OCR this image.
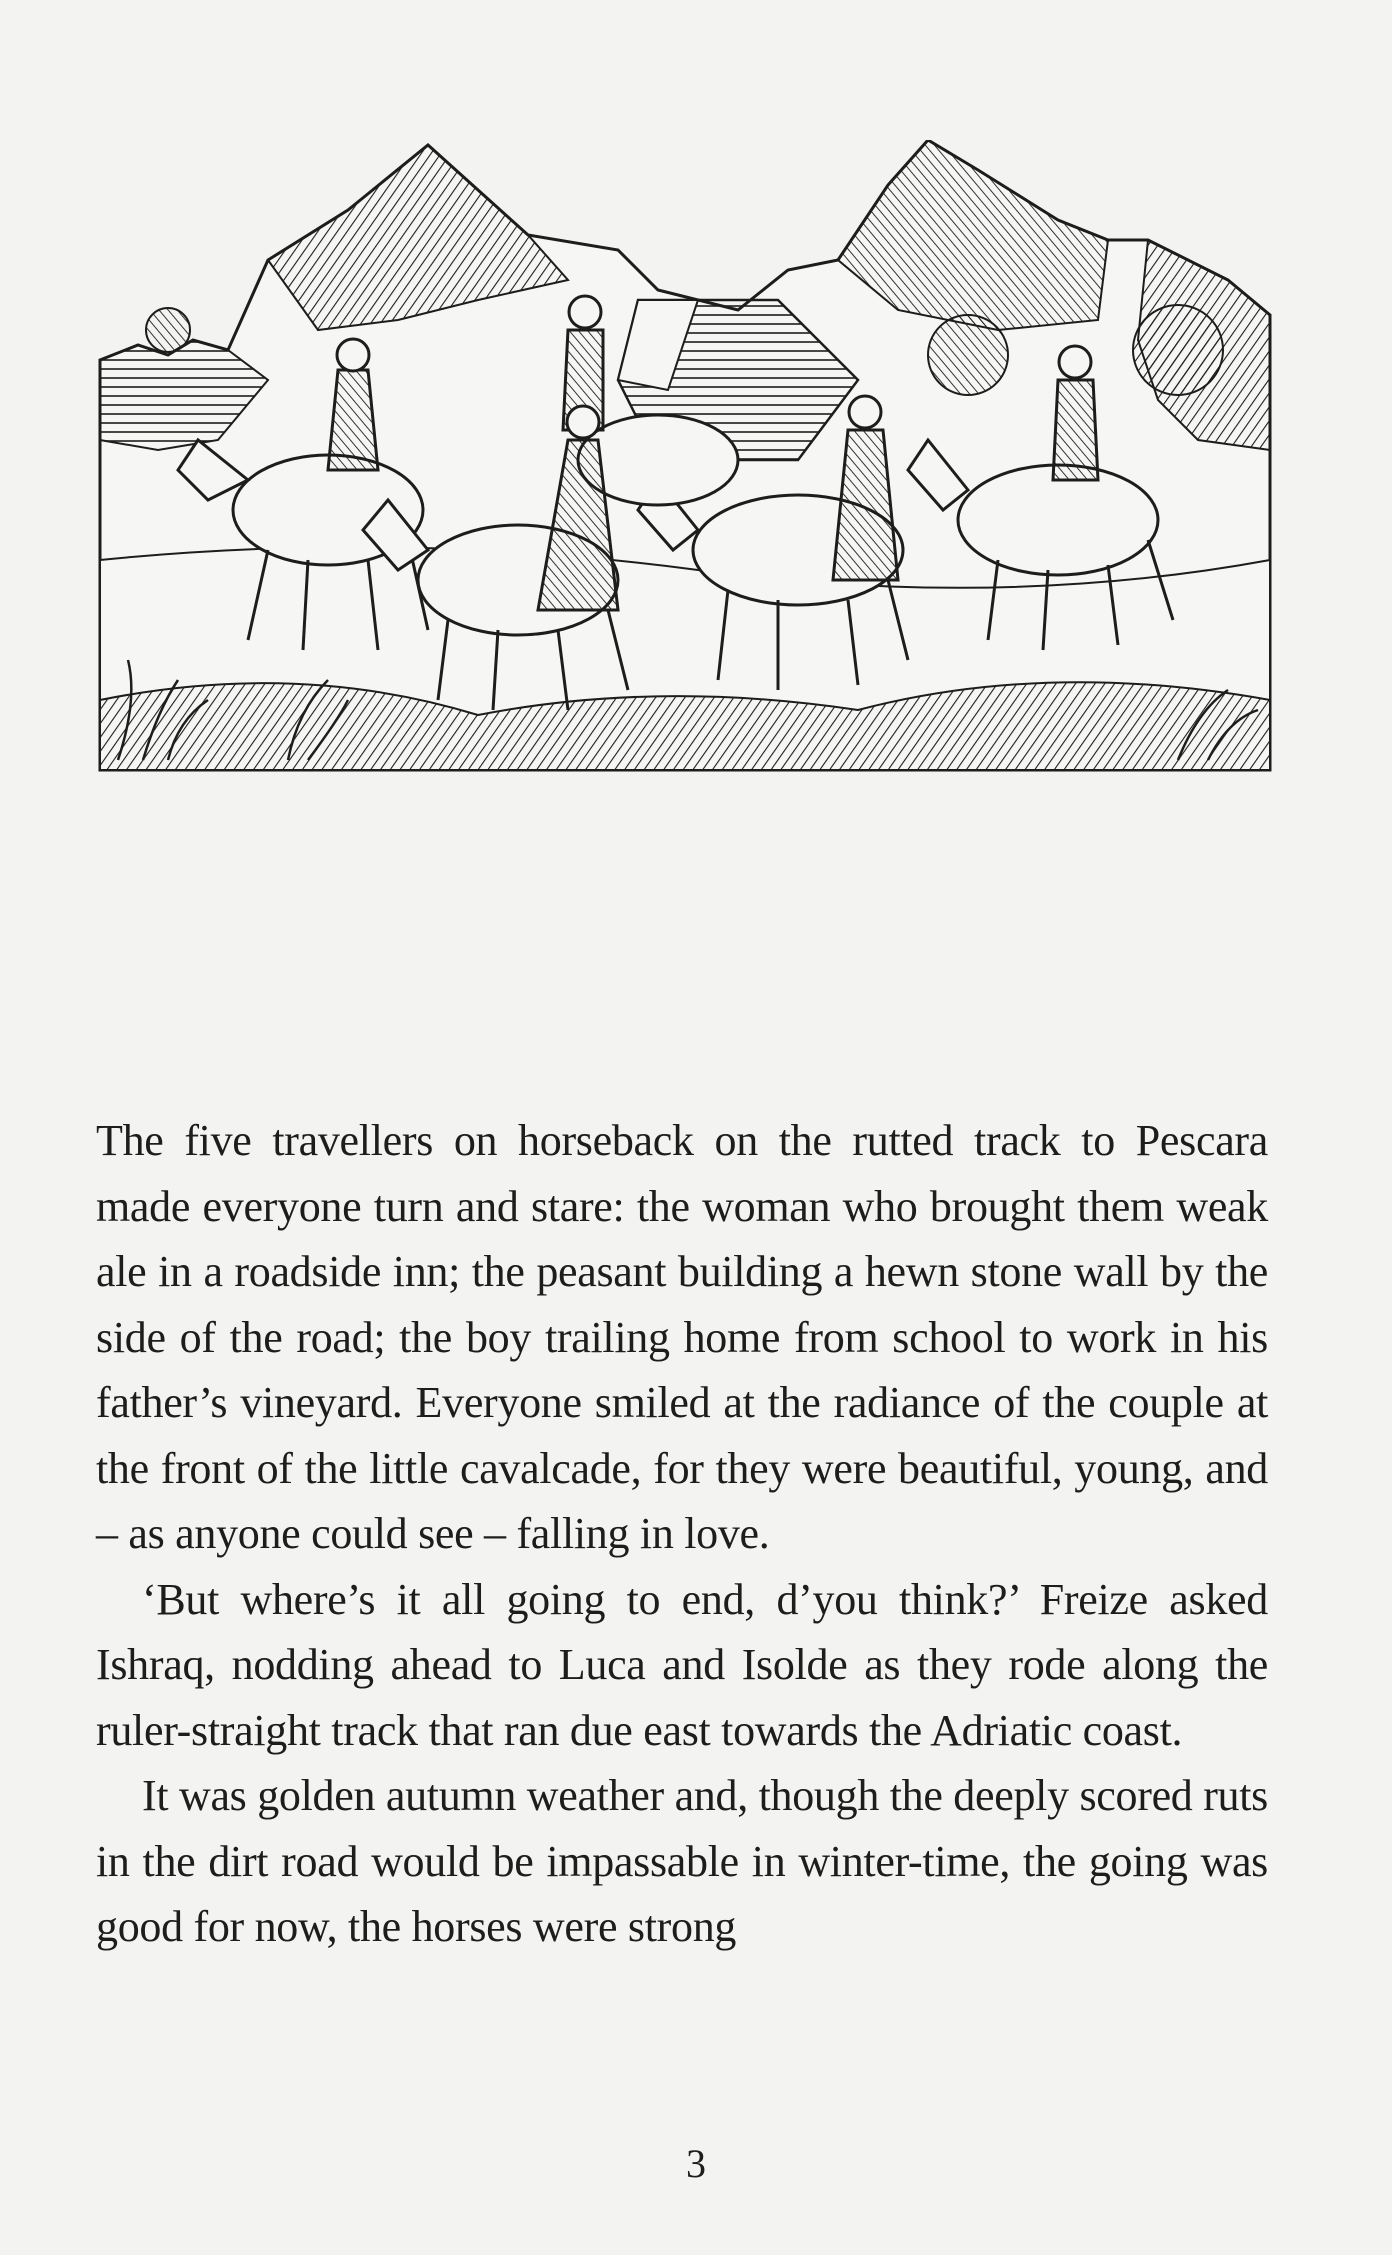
The five travellers on horseback on the rutted track to Pescara made everyone turn and stare: the woman who brought them weak ale in a roadside inn; the peasant building a hewn stone wall by the side of the road; the boy trailing home from school to work in his father’s vineyard. Everyone smiled at the radiance of the couple at the front of the little cavalcade, for they were beautiful, young, and – as anyone could see – falling in love.

‘But where’s it all going to end, d’you think?’ Freize asked Ishraq, nodding ahead to Luca and Isolde as they rode along the ruler-straight track that ran due east towards the Adriatic coast.

It was golden autumn weather and, though the deeply scored ruts in the dirt road would be impassable in winter-time, the going was good for now, the horses were strong

3
